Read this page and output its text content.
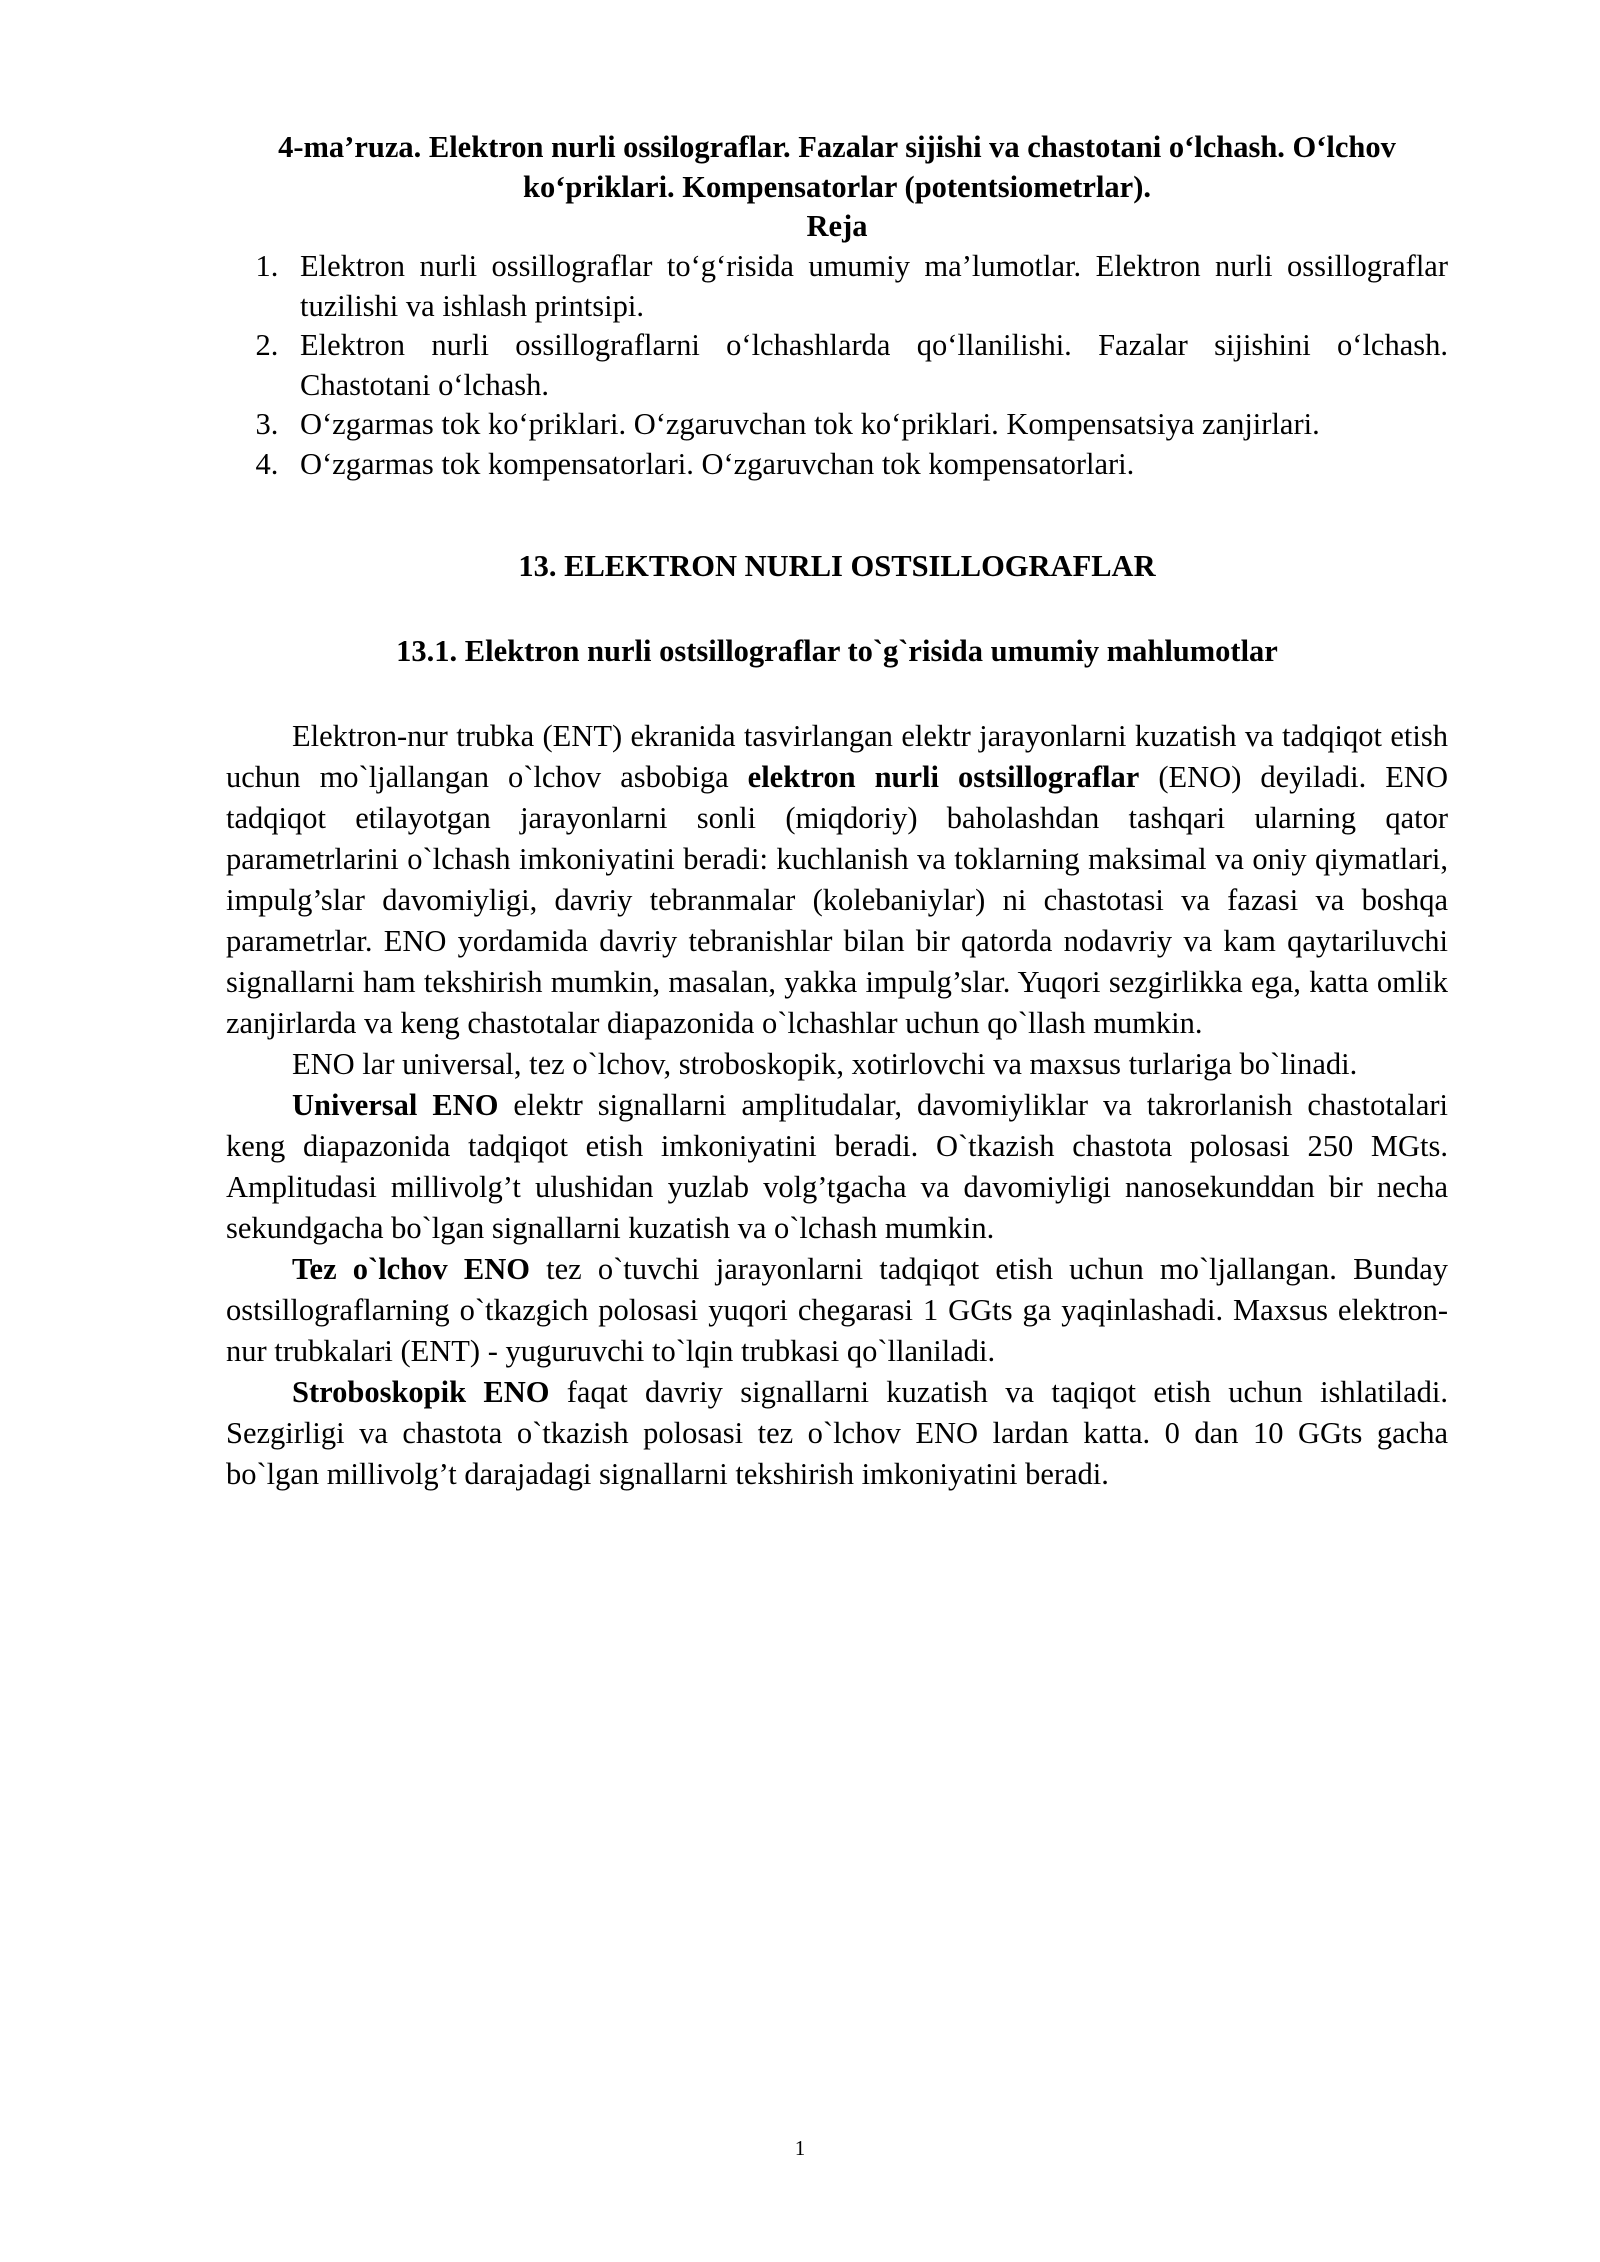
4-ma’ruza. Elektron nurli ossilograflar. Fazalar sijishi va chastotani o‘lchash. O‘lchov ko‘priklari. Kompensatorlar (potentsiometrlar).
Reja
1. Elektron nurli ossillograflar to‘g‘risida umumiy ma’lumotlar. Elektron nurli ossillograflar tuzilishi va ishlash printsipi.
2. Elektron nurli ossillograflarni o‘lchashlarda qo‘llanilishi. Fazalar sijishini o‘lchash. Chastotani o‘lchash.
3. O‘zgarmas tok ko‘priklari. O‘zgaruvchan tok ko‘priklari. Kompensatsiya zanjirlari.
4. O‘zgarmas tok kompensatorlari. O‘zgaruvchan tok kompensatorlari.
13. ELEKTRON NURLI OSTSILLOGRAFLAR
13.1. Elektron nurli ostsillograflar to`g`risida umumiy mahlumotlar

Elektron-nur trubka (ENT) ekranida tasvirlangan elektr jarayonlarni kuzatish va tadqiqot etish uchun mo`ljallangan o`lchov asbobiga elektron nurli ostsillograflar (ENO) deyiladi. ENO tadqiqot etilayotgan jarayonlarni sonli (miqdoriy) baholashdan tashqari ularning qator parametrlarini o`lchash imkoniyatini beradi: kuchlanish va toklarning maksimal va oniy qiymatlari, impulg’slar davomiyligi, davriy tebranmalar (kolebaniylar) ni chastotasi va fazasi va boshqa parametrlar. ENO yordamida davriy tebranishlar bilan bir qatorda nodavriy va kam qaytariluvchi signallarni ham tekshirish mumkin, masalan, yakka impulg’slar. Yuqori sezgirlikka ega, katta omlik zanjirlarda va keng chastotalar diapazonida o`lchashlar uchun qo`llash mumkin.

ENO lar universal, tez o`lchov, stroboskopik, xotirlovchi va maxsus turlariga bo`linadi.

Universal ENO elektr signallarni amplitudalar, davomiyliklar va takrorlanish chastotalari keng diapazonida tadqiqot etish imkoniyatini beradi. O`tkazish chastota polosasi 250 MGts. Amplitudasi millivolg’t ulushidan yuzlab volg’tgacha va davomiyligi nanosekunddan bir necha sekundgacha bo`lgan signallarni kuzatish va o`lchash mumkin.

Tez o`lchov ENO tez o`tuvchi jarayonlarni tadqiqot etish uchun mo`ljallangan. Bunday ostsillograflarning o`tkazgich polosasi yuqori chegarasi 1 GGts ga yaqinlashadi. Maxsus elektron-nur trubkalari (ENT) - yuguruvchi to`lqin trubkasi qo`llaniladi.

Stroboskopik ENO faqat davriy signallarni kuzatish va taqiqot etish uchun ishlatiladi. Sezgirligi va chastota o`tkazish polosasi tez o`lchov ENO lardan katta. 0 dan 10 GGts gacha bo`lgan millivolg’t darajadagi signallarni tekshirish imkoniyatini beradi.

1
